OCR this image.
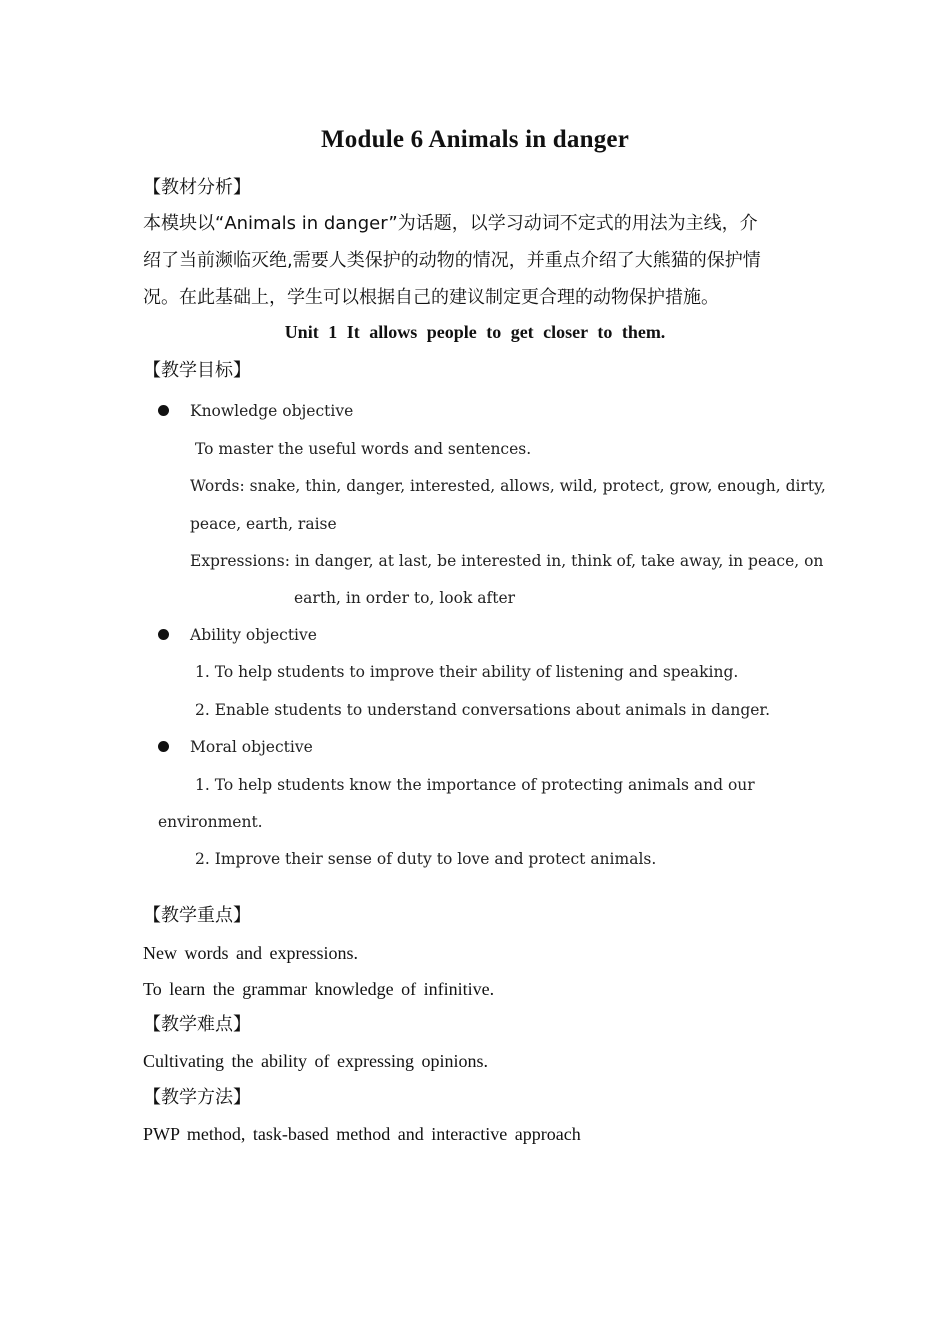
Module 6 Animals in danger
【教材分析】
本模块以“Animals in danger”为话题，以学习动词不定式的用法为主线，介
绍了当前濒临灭绝,需要人类保护的动物的情况，并重点介绍了大熊猫的保护情
况。在此基础上，学生可以根据自己的建议制定更合理的动物保护措施。
Unit 1 It allows people to get closer to them.
【教学目标】
Knowledge objective
To master the useful words and sentences.
Words: snake, thin, danger, interested, allows, wild, protect, grow, enough, dirty,
peace, earth, raise
Expressions: in danger, at last, be interested in, think of, take away, in peace, on
earth, in order to, look after
Ability objective
1. To help students to improve their ability of listening and speaking.
2. Enable students to understand conversations about animals in danger.
Moral objective
1. To help students know the importance of protecting animals and our
environment.
2. Improve their sense of duty to love and protect animals.
【教学重点】
New words and expressions.
To learn the grammar knowledge of infinitive.
【教学难点】
Cultivating the ability of expressing opinions.
【教学方法】
PWP method, task-based method and interactive approach
